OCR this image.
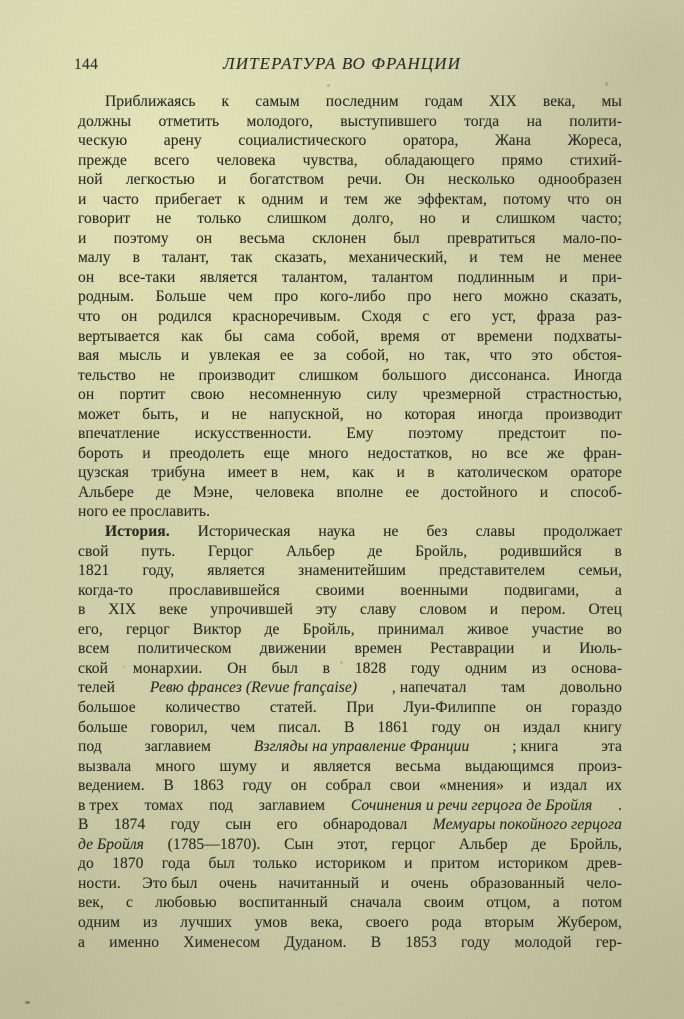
144	ЛИТЕРАТУРА ВО ФРАНЦИИ

Приближаясь к самым последним годам XIX века, мы
должны отметить молодого, выступившего тогда на полити-
ческую арену социалистического оратора, Жана Жореса,
прежде всего человека чувства, обладающего прямо стихий-
ной легкостью и богатством речи. Он несколько однообразен
и часто прибегает к одним и тем же эффектам, потому что он
говорит не только слишком долго, но и слишком часто;
и поэтому он весьма склонен был превратиться мало-по-
малу в талант, так сказать, механический, и тем не менее
он все-таки является талантом, талантом подлинным и при-
родным. Больше чем про кого-либо про него можно сказать,
что он родился красноречивым. Сходя с его уст, фраза раз-
вертывается как бы сама собой, время от времени подхваты-
вая мысль и увлекая ее за собой, но так, что это обстоя-
тельство не производит слишком большого диссонанса. Иногда
он портит свою несомненную силу чрезмерной страстностью,
может быть, и не напускной, но которая иногда производит
впечатление искусственности. Ему поэтому предстоит по-
бороть и преодолеть еще много недостатков, но все же фран-
цузская трибуна имеет в нем, как и в католическом ораторе
Альбере де Мэне, человека вполне ее достойного и способ-
ного ее прославить.

История. Историческая наука не без славы продолжает
свой путь. Герцог Альбер де Бройль, родившийся в
1821 году, является знаменитейшим представителем семьи,
когда-то прославившейся своими военными подвигами, а
в XIX веке упрочившей эту славу словом и пером. Отец
его, герцог Виктор де Бройль, принимал живое участие во
всем политическом движении времен Реставрации и Июль-
ской монархии. Он был в 1828 году одним из основа-
телей Ревю франсез (Revue française) , напечатал там довольно
большое количество статей. При Луи-Филиппе он гораздо
больше говорил, чем писал. В 1861 году он издал книгу
под	заглавием	Взгляды на управление Франции	; книга	эта
вызвала много шуму и является весьма выдающимся произ-
ведением. В 1863 году он собрал свои «мнения» и издал их
в трех томах под заглавием Сочинения и речи герцога де Бройля .
В 1874 году сын его обнародовал Мемуары покойного герцога
де Бройля (1785—1870). Сын этот, герцог Альбер де Бройль,
до 1870 года был только историком и притом историком древ-
ности. Это был очень начитанный и очень образованный чело-
век, с любовью воспитанный сначала своим отцом, а потом
одним из лучших умов века, своего рода вторым Жубером,
а именно Хименесом Дуданом. В 1853 году молодой гер-
